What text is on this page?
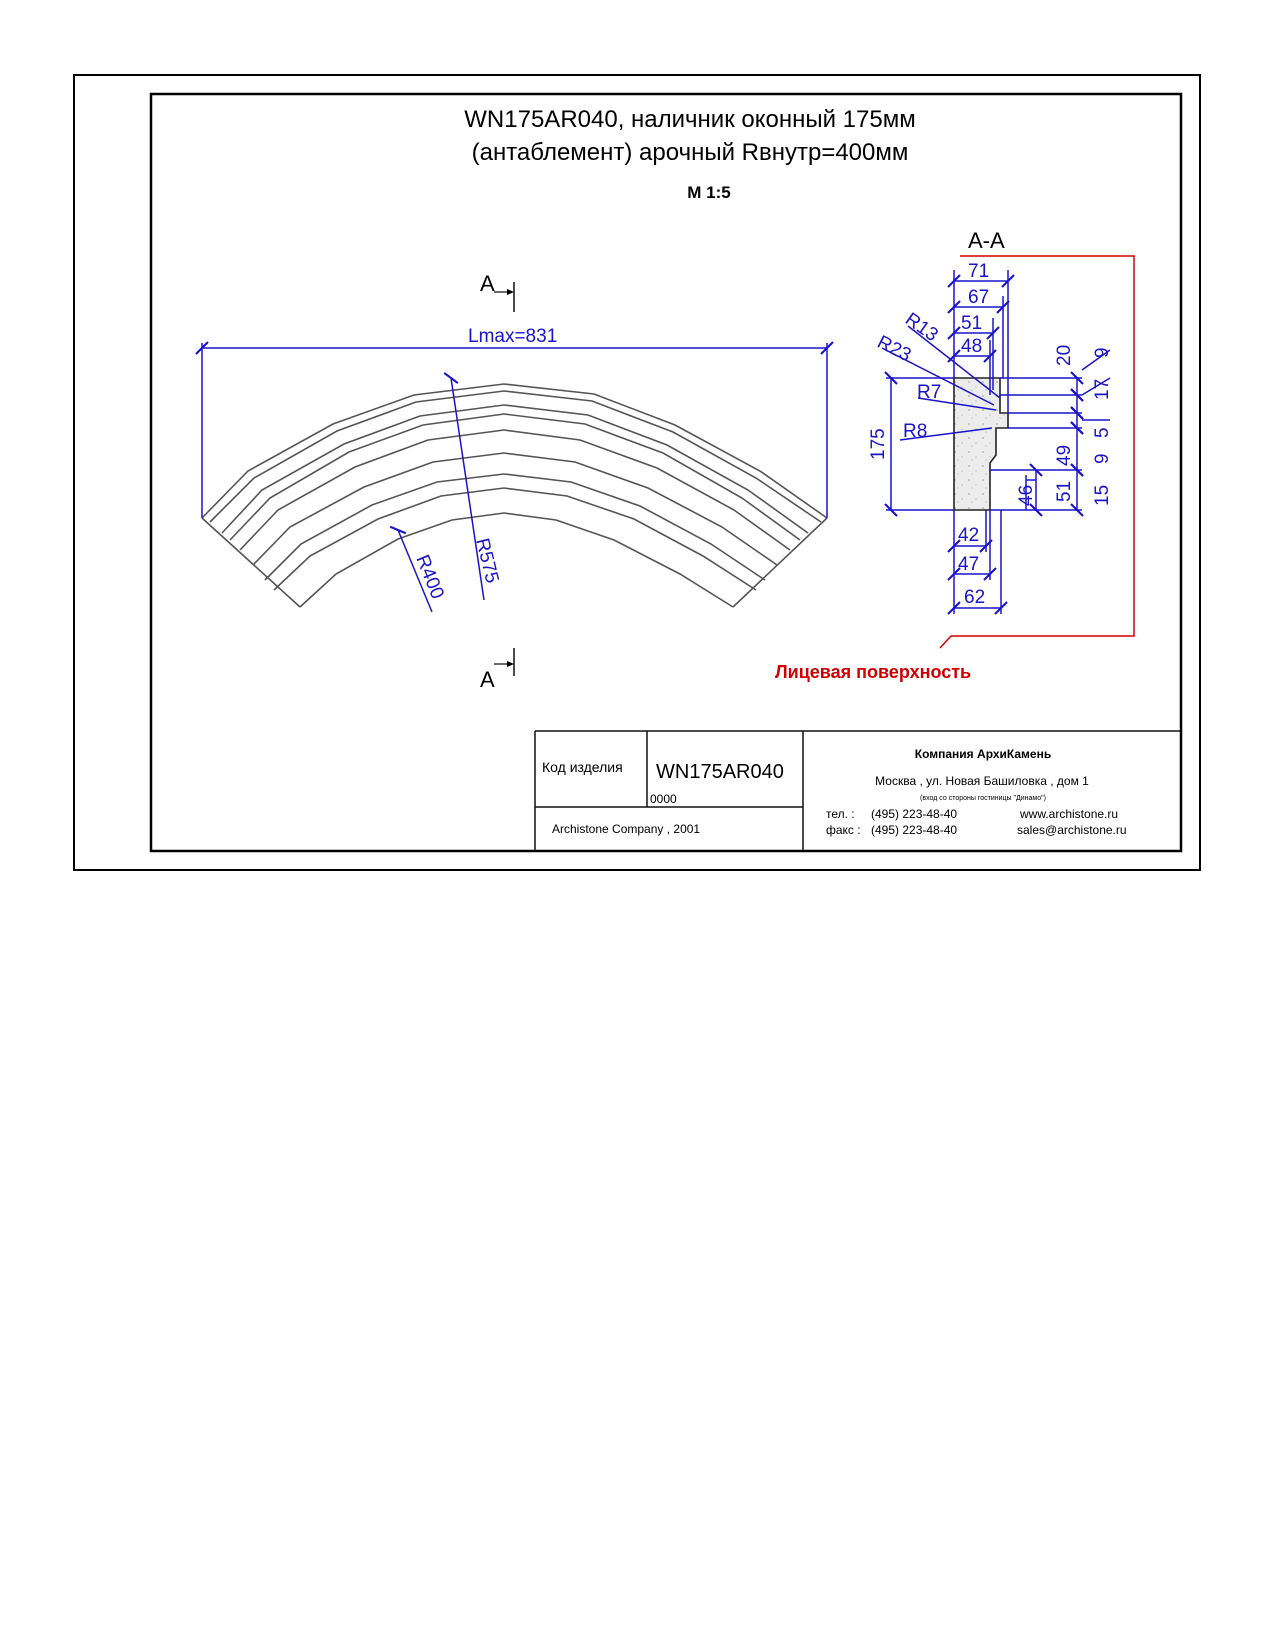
WN175AR040, наличник оконный 175мм
(антаблемент) арочный Rвнутр=400мм
М 1:5
Lmax=831
R575
R400
A
A
A-A
Лицевая поверхность
71
67
51
48
R13
R23
R7
R8
175
42
47
62
20 9
17
5
9
49
15
51
46
Код изделия WN175AR040
0000
Archistone Company , 2001
Компания АрхиКамень
Москва , ул. Новая Башиловка , дом 1
(вход со стороны гостиницы "Динамо")
тел. : (495) 223-48-40
факс : (495) 223-48-40
www.archistone.ru
sales@archistone.ru
